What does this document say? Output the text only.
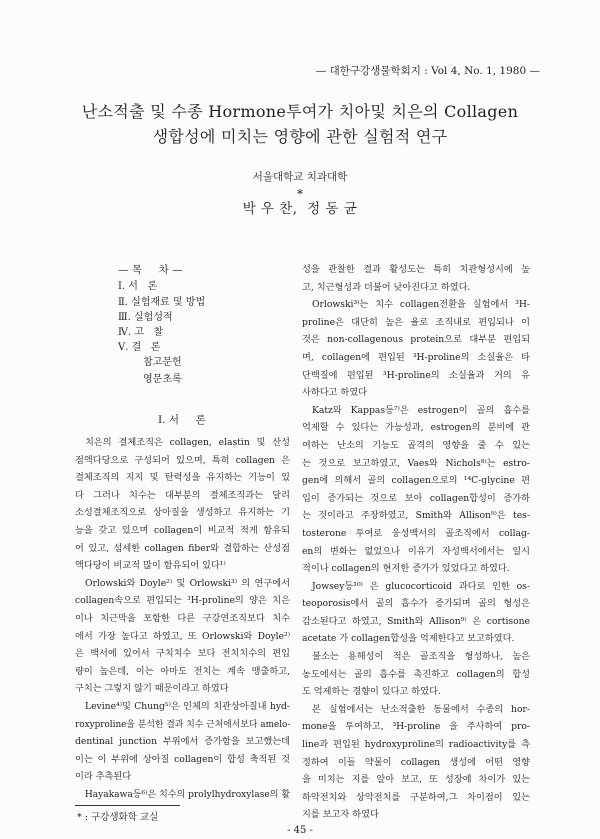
— 대한구강생물학회지 : Vol 4, No. 1, 1980 —
난소적출 및 수종 Hormone투여가 치아및 치은의 Collagen
생합성에 미치는 영향에 관한 실험적 연구
서울대학교 치과대학
*
박 우 찬,  정 동 균
— 목     차 —
Ⅰ. 서   론
Ⅱ. 실험재료 및 방법
Ⅲ. 실험성적
Ⅳ. 고   찰
Ⅴ. 결   론
참고문헌
영문초록
Ⅰ. 서     론
치은의 결체조직은 collagen, elastin 및 산성
점액다당으로 구성되어 있으며, 특히 collagen 은
결체조직의 지지 및 탄력성을 유지하는 기능이 있
다 그러나 치수는 대부분의 결체조직과는 달리
소성결체조직으로 상아질을 생성하고 유지하는 기
능을 갖고 있으며 collagen이 비교적 적게 함유되
어 있고, 섬세한 collagen fiber와 결합하는 산성점
액다당이 비교적 많이 함유되어 있다¹⁾
Orlowski와 Doyle²⁾ 및 Orlowski³⁾ 의 연구에서
collagen속으로 편입되는 ³H-proline의 양은 치은
이나 치근막을 포함한 다른 구강연조직보다 치수
에서 가장 높다고 하였고, 또 Orlowski와 Doyle²⁾
은 백서에 있어서 구치치수 보다 전치치수의 편입
량이 높은데, 이는 아마도 전치는 계속 맹출하고,
구치는 그렇지 않기 때문이라고 하였다
Levine⁴⁾및 Chung⁵⁾은 인체의 치관상아질내 hyd-
roxyproline을 분석한 결과 치수 근처에서보다 amelo-
dentinal junction 부위에서 증가함을 보고했는데
이는 이 부위에 상아질 collagen이 합성 축적된 것
이라 추측된다
Hayakawa등⁶⁾은 치수의 prolylhydroxylase의 활
성을 관찰한 결과 활성도는 특히 치관형성시에 높
고, 치근형성과 더불어 낮아진다고 하였다.
Orlowski³⁾는 치수 collagen전환을 실험에서 ³H-
proline은 대단히 높은 율로 조직내로 편입되나 이
것은 non-collagenous protein으로 대부분 편입되
며, collagen에 편입된 ³H-proline의 소실율은 타
단백질에 편입된 ³H-proline의 소실율과 거의 유
사하다고 하였다
Katz와 Kappas등⁷⁾은 estrogen이 골의 흡수를
억제할 수 있다는 가능성과, estrogen의 분비에 관
여하는 난소의 기능도 골격의 영향을 줄 수 있는
는 것으로 보고하였고, Vaes와 Nichols⁸⁾는 estro-
gen에 의해서 골의 collagen으로의 ¹⁴C-glycine 편
입이 증가되는 것으로 보아 collagen합성이 증가하
는 것이라고 주장하였고, Smith와 Allison⁹⁾은 tes-
tosterone 투여로 웅성백서의 골조직에서 collag-
en의 변화는 없었으나 이유기 자성백서에서는 일시
적이나 collagen의 현저한 증가가 있었다고 하였다.
Jowsey등¹⁰⁾ 은 glucocorticoid 과다로 인한 os-
teoporosis에서 골의 흡수가 증가되며 골의 형성은
감소된다고 하였고, Smith와 Allison⁹⁾ 은 cortisone
acetate 가 collagen합성을 억제한다고 보고하였다.
불소는 용해성이 적은 골조직을 형성하나, 높은
농도에서는 골의 흡수를 촉진하고 collagen의 합성
도 억제하는 경향이 있다고 하였다.
본 실험에서는 난소적출한 동물에서 수종의 hor-
mone을 투여하고, ³H-proline 을 주사하여 pro-
line과 편입된 hydroxyproline의 radioactivity를 측
정하여 이들 약물이 collagen 생성에 어떤 영향
을 미치는 지를 알아 보고, 또 성장에 차이가 있는
하악전치와 상악전치를 구분하여,그 차이점이 있는
지를 보고자 하였다
* : 구강생화학 교실
- 45 -
